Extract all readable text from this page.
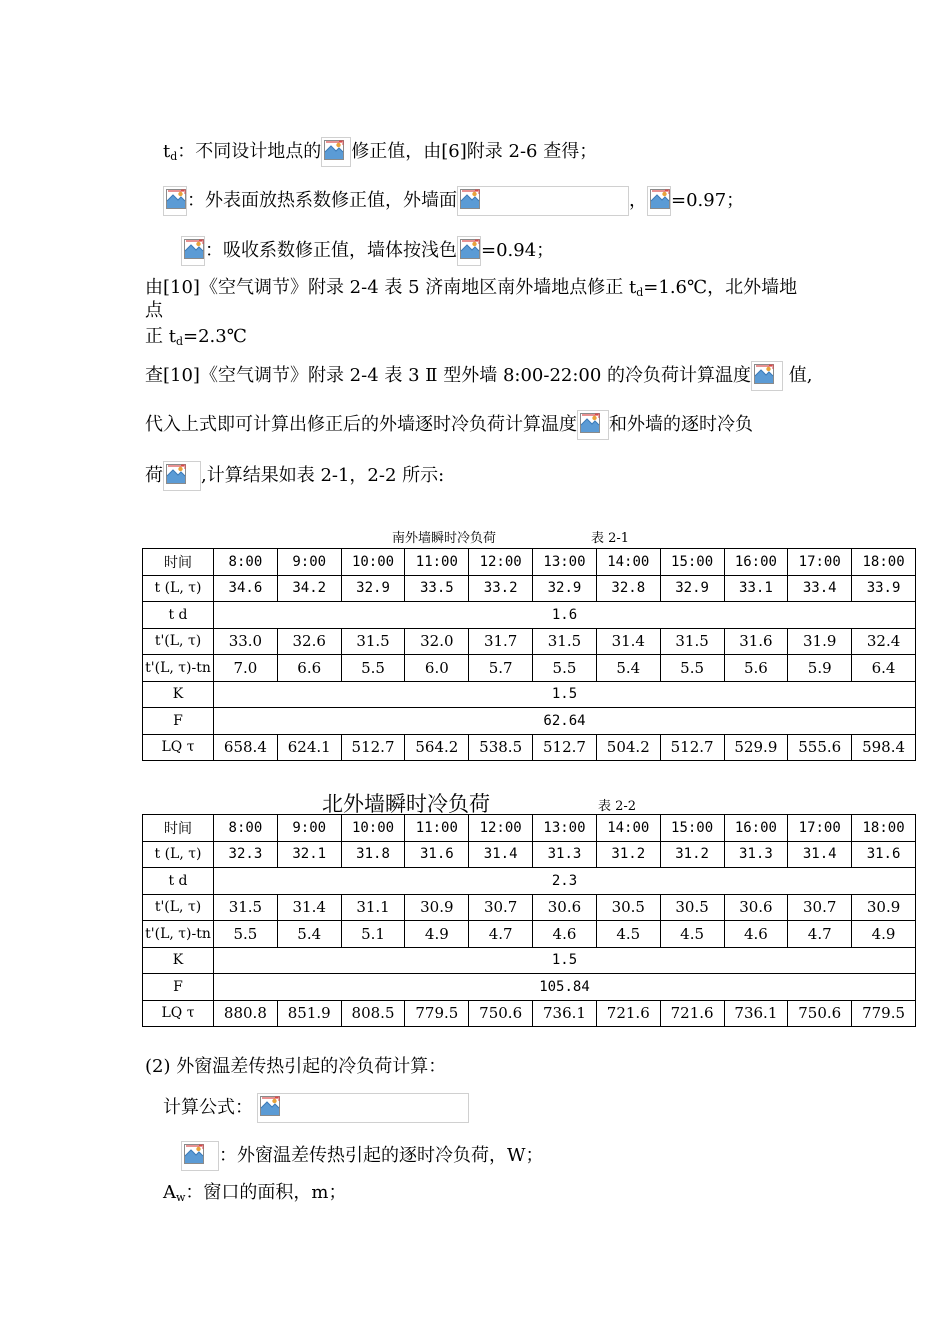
$t_d$：不同设计地点的 修正值，由[6]附录 2-6 查得；
：外表面放热系数修正值，外墙面	， =0.97；
：吸收系数修正值，墙体按浅色 =0.94；
由[10]《空气调节》附录 2-4 表 5 济南地区南外墙地点修正 $t_d=1.6℃$，北外墙地
点
正 $t_d=2.3℃$
查[10]《空气调节》附录 2-4 表 3 Ⅱ 型外墙 8:00-22:00 的冷负荷计算温度
值,
代入上式即可计算出修正后的外墙逐时冷负荷计算温度 和外墙的逐时冷负
荷 ,计算结果如表 2-1，2-2 所示:
南外墙瞬时冷负荷	表 2-1
时间	8:00	9:00	10:00	11:00	12:00	13:00	14:00	15:00	16:00	17:00	18:00
t (L, τ)	34.6	34.2	32.9	33.5	33.2	32.9	32.8	32.9	33.1	33.4	33.9
t d	1.6										
t'(L, τ)	33.0	32.6	31.5	32.0	31.7	31.5	31.4	31.5	31.6	31.9	32.4
t'(L, τ)-tn	7.0	6.6	5.5	6.0	5.7	5.5	5.4	5.5	5.6	5.9	6.4
K	1.5										
F	62.64										
LQ τ	658.4	624.1	512.7	564.2	538.5	512.7	504.2	512.7	529.9	555.6	598.4
北外墙瞬时冷负荷	表 2-2
时间	8:00	9:00	10:00	11:00	12:00	13:00	14:00	15:00	16:00	17:00	18:00
t (L, τ)	32.3	32.1	31.8	31.6	31.4	31.3	31.2	31.2	31.3	31.4	31.6
t d	2.3										
t'(L, τ)	31.5	31.4	31.1	30.9	30.7	30.6	30.5	30.5	30.6	30.7	30.9
t'(L, τ)-tn	5.5	5.4	5.1	4.9	4.7	4.6	4.5	4.5	4.6	4.7	4.9
K	1.5										
F	105.84										
LQ τ	880.8	851.9	808.5	779.5	750.6	736.1	721.6	721.6	736.1	750.6	779.5
(2) 外窗温差传热引起的冷负荷计算：
计算公式：
：外窗温差传热引起的逐时冷负荷，W；
$A_w$：窗口的面积，m；
